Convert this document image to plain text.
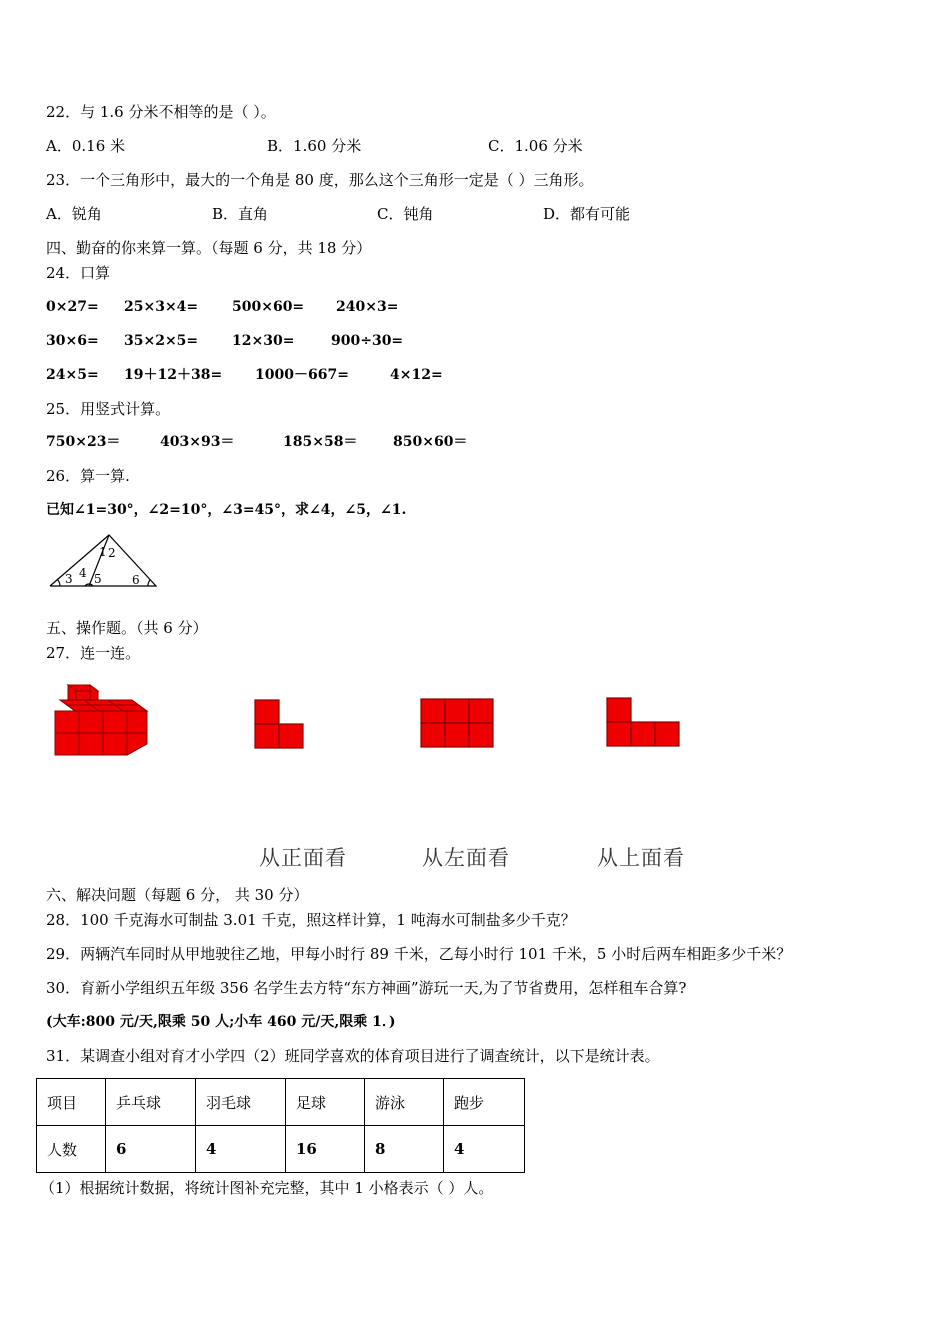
22．与 1.6 分米不相等的是（ ）。
A．0.16 米	B．1.60 分米	C．1.06 分米
23．一个三角形中，最大的一个角是 80 度，那么这个三角形一定是（ ）三角形。
A．锐角	B．直角	C．钝角	D．都有可能
四、勤奋的你来算一算。（每题 6 分，共 18 分）
24．口算
0×27= 25×3×4= 500×60= 240×3=
30×6= 35×2×5= 12×30=	900÷30=
24×5= 19＋12＋38= 1000－667=	4×12=
25．用竖式计算。
750×23＝	403×93＝	185×58＝	850×60＝
26．算一算.
已知∠1=30°，∠2=10°，∠3=45°，求∠4，∠5，∠1.
1 2
3 4 5	6
五、操作题。（共 6 分）
27．连一连。
从正面看	从左面看	从上面看
六、解决问题（每题 6 分， 共 30 分）
28．100 千克海水可制盐 3.01 千克，照这样计算，1 吨海水可制盐多少千克？
29．两辆汽车同时从甲地驶往乙地，甲每小时行 89 千米，乙每小时行 101 千米，5 小时后两车相距多少千米？
30．育新小学组织五年级 356 名学生去方特“东方神画”游玩一天,为了节省费用，怎样租车合算?
(大车:800 元/天,限乘 50 人;小车 460 元/天,限乘 1．)
31．某调查小组对育才小学四（2）班同学喜欢的体育项目进行了调查统计，以下是统计表。
项目	乒乓球	羽毛球	足球	游泳	跑步
人数	6	4	16	8	4
（1）根据统计数据，将统计图补充完整，其中 1 小格表示（ ）人。
